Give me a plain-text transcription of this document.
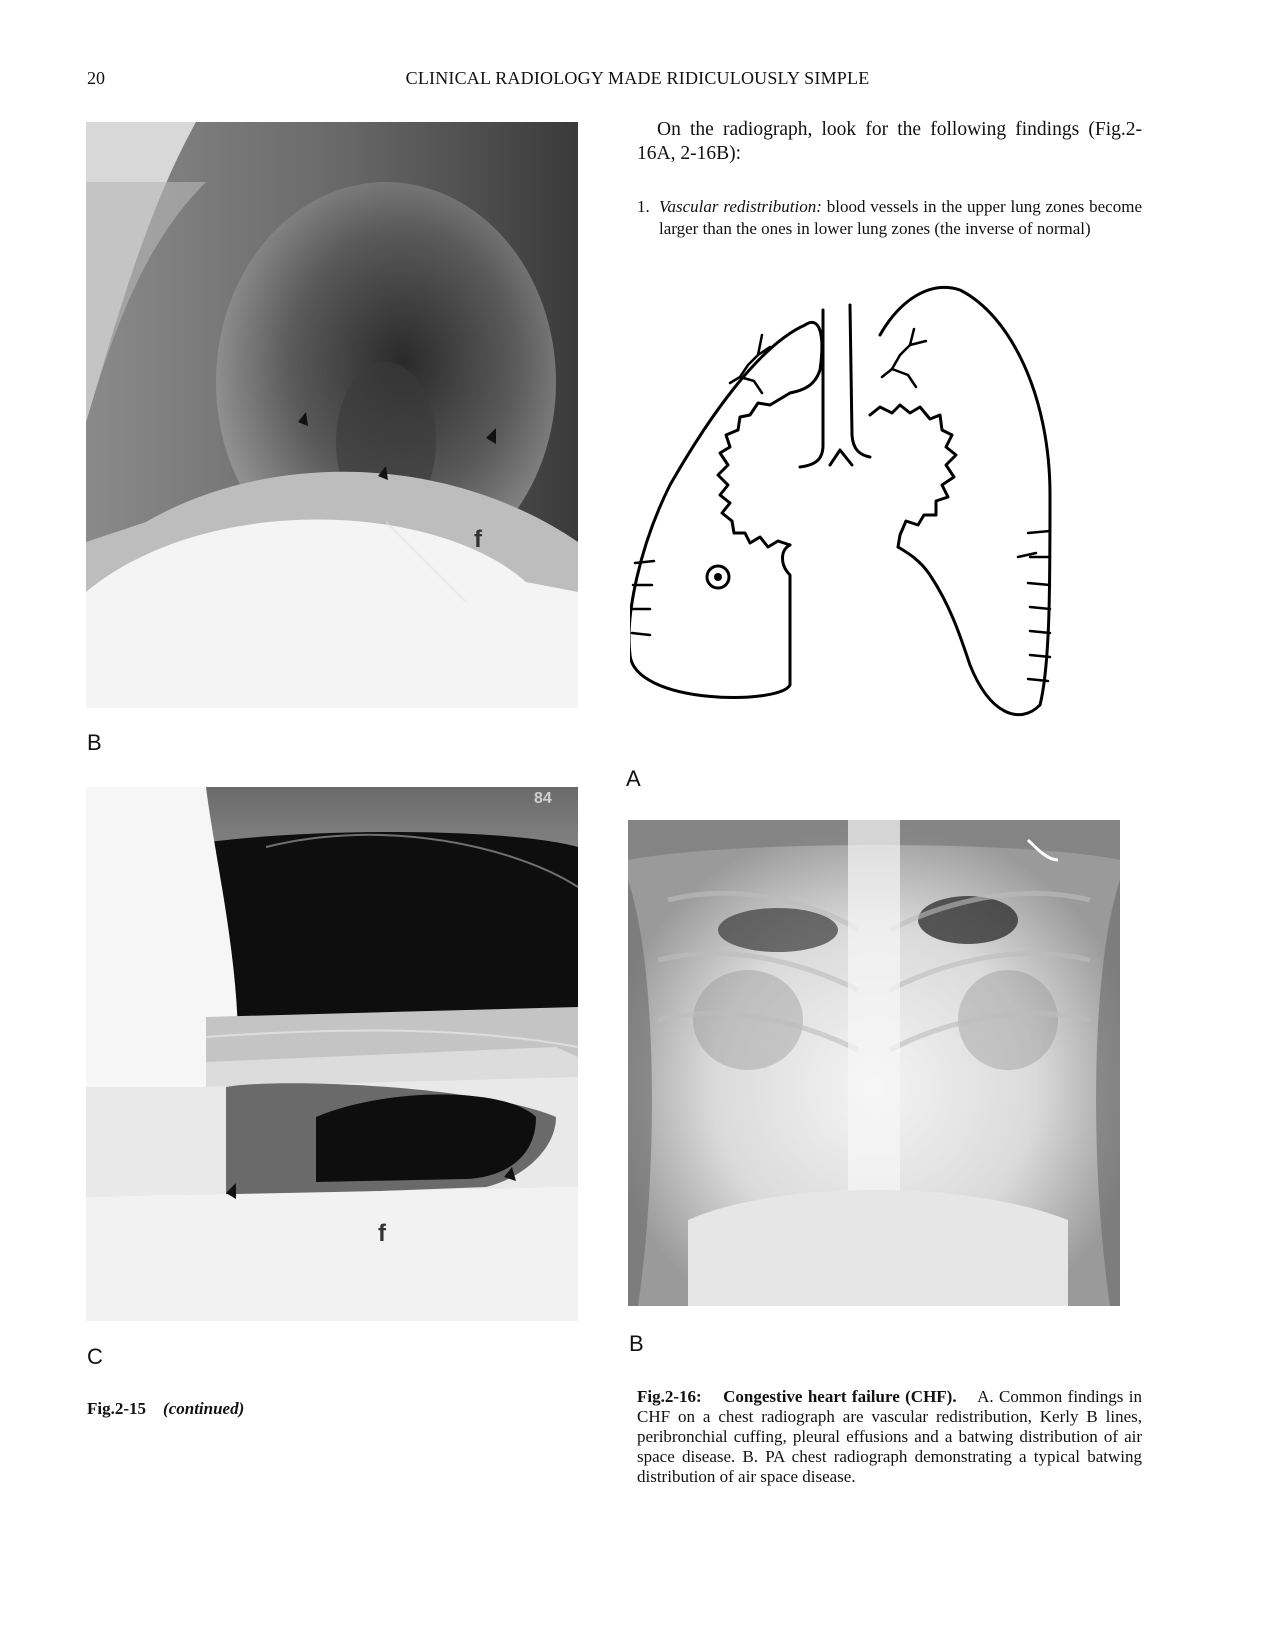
20	CLINICAL RADIOLOGY MADE RIDICULOUSLY SIMPLE
f
B
84
f
C
Fig.2-15 (continued)
On the radiograph, look for the following findings (Fig.2-16A, 2-16B):
1. Vascular redistribution: blood vessels in the upper lung zones become larger than the ones in lower lung zones (the inverse of normal)
A
B
Fig.2-16: Congestive heart failure (CHF). A. Common findings in CHF on a chest radiograph are vascular redistribution, Kerly B lines, peribronchial cuffing, pleural effusions and a batwing distribution of air space disease. B. PA chest radiograph demonstrating a typical batwing distribution of air space disease.
